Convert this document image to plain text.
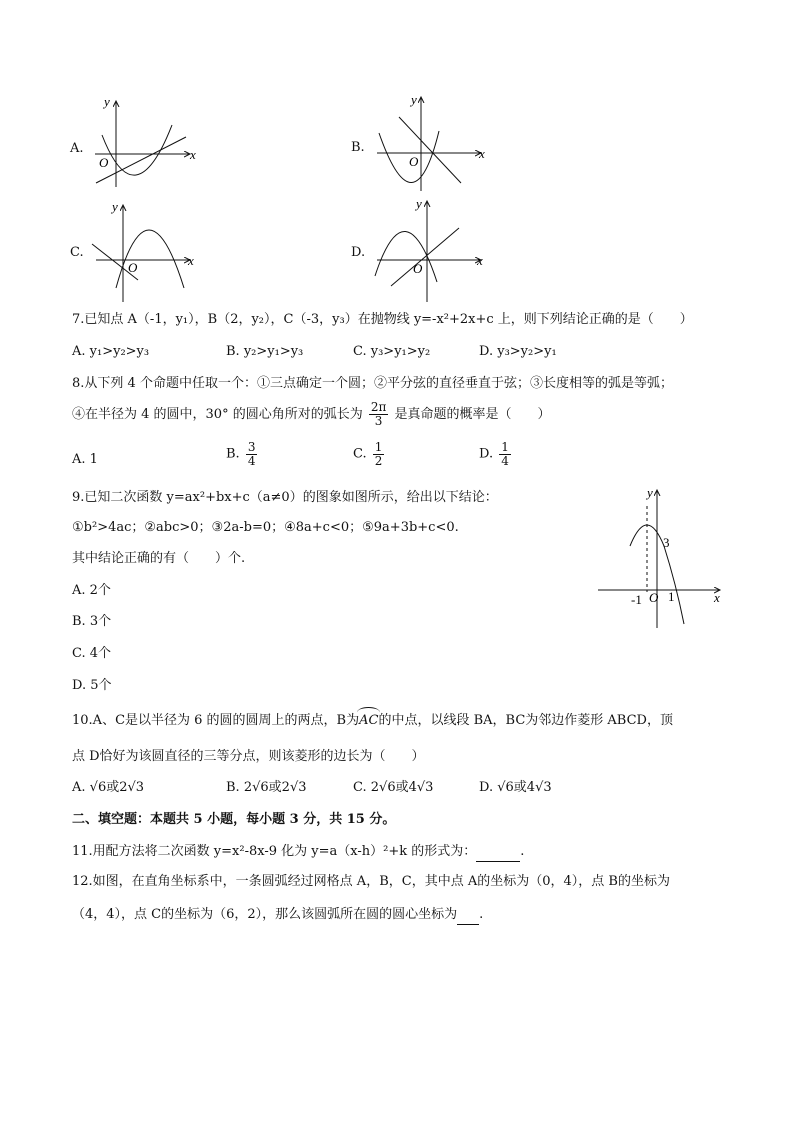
A.	x
y
O
B.	x
y
O
C.
x
y
O
D.
x
y
O
7.已知点 A（-1，y₁），B（2，y₂），C（-3，y₃）在抛物线 y=-x²+2x+c 上，则下列结论正确的是（　　）
A. y₁>y₂>y₃	B. y₂>y₁>y₃	C. y₃>y₁>y₂	D. y₃>y₂>y₁
8.从下列 4 个命题中任取一个：①三点确定一个圆；②平分弦的直径垂直于弦；③长度相等的弧是等弧；
④在半径为 4 的圆中，30° 的圆心角所对的弧长为 $\frac{2\pi}{3}$ 是真命题的概率是（　　）
A. 1	B. $\frac{3}{4}$	C. $\frac{1}{2}$	D. $\frac{1}{4}$
9.已知二次函数 y=ax²+bx+c（a≠0）的图象如图所示，给出以下结论：
①b²>4ac；②abc>0；③2a-b=0；④8a+c<0；⑤9a+3b+c<0.
其中结论正确的有（　　）个.
A. 2个
B. 3个
C. 4个
D. 5个
y
x
3
-1 O 1
10.A、C是以半径为 6 的圆的圆周上的两点，B为AC的中点，以线段 BA，BC为邻边作菱形 ABCD，顶
点 D恰好为该圆直径的三等分点，则该菱形的边长为（　　）
A. √6或2√3	B. 2√6或2√3	C. 2√6或4√3	D. √6或4√3
二、填空题：本题共 5 小题，每小题 3 分，共 15 分。
11.用配方法将二次函数 y=x²-8x-9 化为 y=a（x-h）²+k 的形式为：	.
12.如图，在直角坐标系中，一条圆弧经过网格点 A，B，C，其中点 A的坐标为（0，4），点 B的坐标为
（4，4），点 C的坐标为（6，2），那么该圆弧所在圆的圆心坐标为 .
